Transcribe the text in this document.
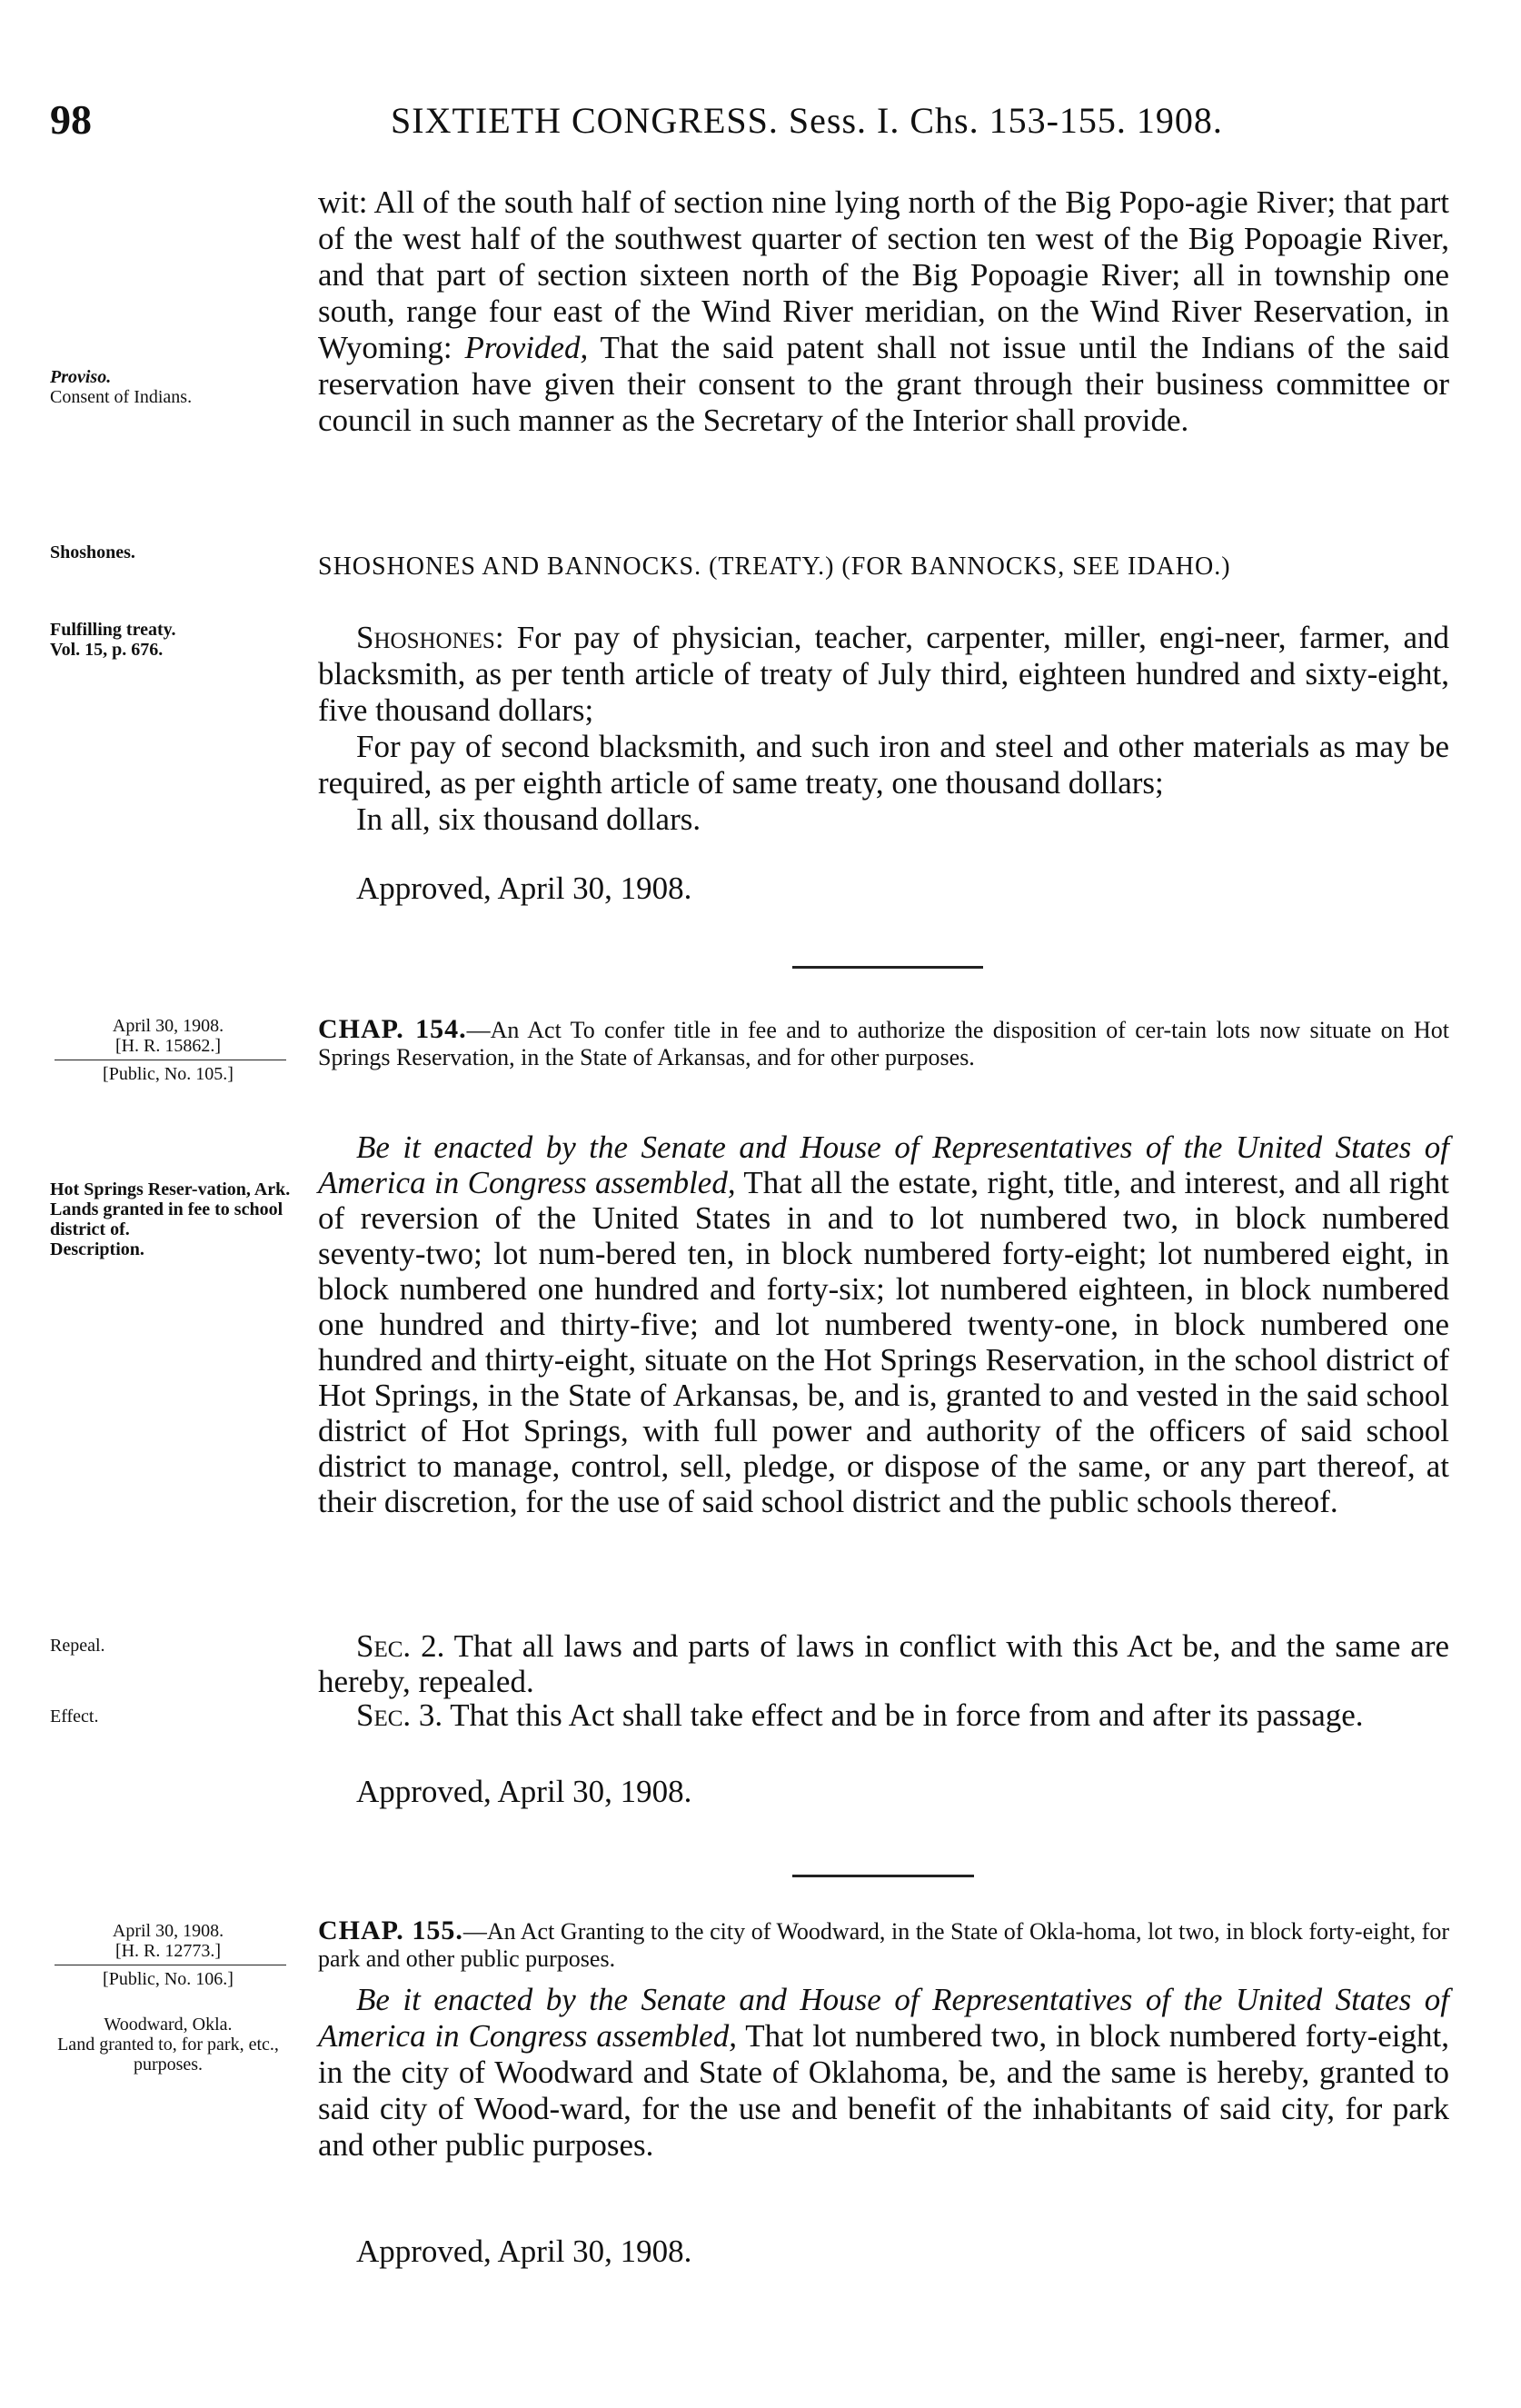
98	SIXTIETH CONGRESS. Sess. I. Chs. 153-155. 1908.
Proviso.
Consent of Indians.

wit: All of the south half of section nine lying north of the Big Popo-agie River; that part of the west half of the southwest quarter of section ten west of the Big Popoagie River, and that part of section sixteen north of the Big Popoagie River; all in township one south, range four east of the Wind River meridian, on the Wind River Reservation, in Wyoming: Provided, That the said patent shall not issue until the Indians of the said reservation have given their consent to the grant through their business committee or council in such manner as the Secretary of the Interior shall provide.

Shoshones.	SHOSHONES AND BANNOCKS. (TREATY.) (FOR BANNOCKS, SEE IDAHO.)
Fulfilling treaty.
Vol. 15, p. 676.	Shoshones: For pay of physician, teacher, carpenter, miller, engi-neer, farmer, and blacksmith, as per tenth article of treaty of July third, eighteen hundred and sixty-eight, five thousand dollars;

For pay of second blacksmith, and such iron and steel and other materials as may be required, as per eighth article of same treaty, one thousand dollars;

In all, six thousand dollars.

Approved, April 30, 1908.
April 30, 1908.
[H. R. 15862.]
[Public, No. 105.]
CHAP. 154.—An Act To confer title in fee and to authorize the disposition of cer-tain lots now situate on Hot Springs Reservation, in the State of Arkansas, and for other purposes.
Hot Springs Reser-vation, Ark.
Lands granted in fee to school district of.
Description.

Be it enacted by the Senate and House of Representatives of the United States of America in Congress assembled, That all the estate, right, title, and interest, and all right of reversion of the United States in and to lot numbered two, in block numbered seventy-two; lot num-bered ten, in block numbered forty-eight; lot numbered eight, in block numbered one hundred and forty-six; lot numbered eighteen, in block numbered one hundred and thirty-five; and lot numbered twenty-one, in block numbered one hundred and thirty-eight, situate on the Hot Springs Reservation, in the school district of Hot Springs, in the State of Arkansas, be, and is, granted to and vested in the said school district of Hot Springs, with full power and authority of the officers of said school district to manage, control, sell, pledge, or dispose of the same, or any part thereof, at their discretion, for the use of said school district and the public schools thereof.

Repeal.	Sec. 2. That all laws and parts of laws in conflict with this Act be, and the same are hereby, repealed.

Effect.	Sec. 3. That this Act shall take effect and be in force from and after its passage.

Approved, April 30, 1908.
April 30, 1908.
[H. R. 12773.]
[Public, No. 106.]
CHAP. 155.—An Act Granting to the city of Woodward, in the State of Okla-homa, lot two, in block forty-eight, for park and other public purposes.
Woodward, Okla.
Land granted to, for park, etc., purposes.

Be it enacted by the Senate and House of Representatives of the United States of America in Congress assembled, That lot numbered two, in block numbered forty-eight, in the city of Woodward and State of Oklahoma, be, and the same is hereby, granted to said city of Wood-ward, for the use and benefit of the inhabitants of said city, for park and other public purposes.

Approved, April 30, 1908.
